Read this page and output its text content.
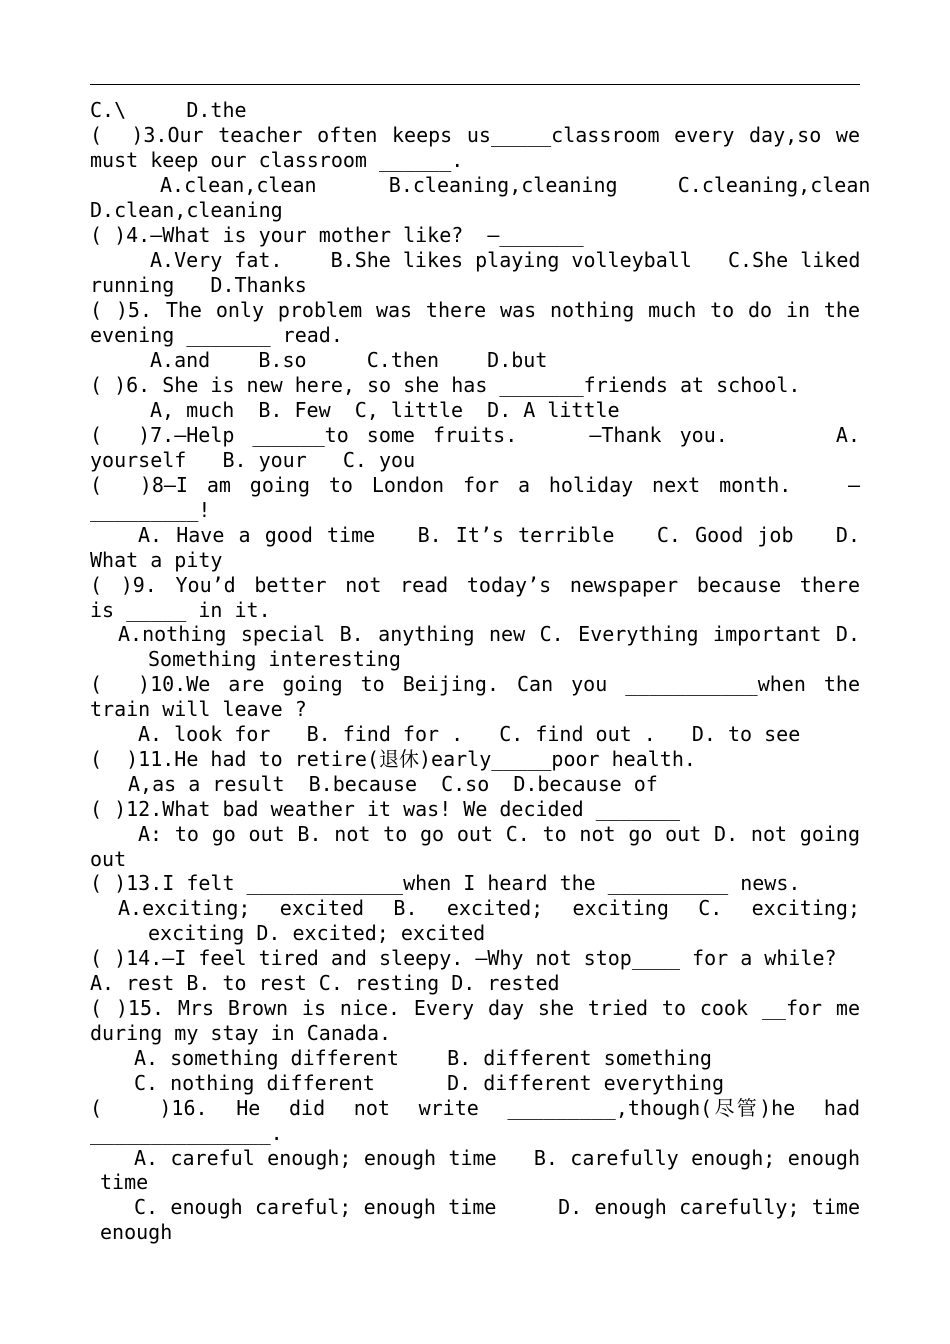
C.\     D.the
(  )3.Our teacher often keeps us_____classroom every day,so we
must keep our classroom ______.
A.clean,clean      B.cleaning,cleaning     C.cleaning,clean
D.clean,cleaning
( )4.—What is your mother like?  —_______
A.Very fat.    B.She likes playing volleyball   C.She liked
running   D.Thanks
( )5. The only problem was there was nothing much to do in the
evening _______ read.
A.and    B.so     C.then    D.but
( )6. She is new here, so she has _______friends at school.
A, much  B. Few  C, little  D. A little
(  )7.—Help ______to some fruits.    —Thank you.      A.
yourself   B. your   C. you
(  )8—I am going to London for a holiday next month.   —
_________!
A. Have a good time   B. It’s terrible   C. Good job   D.
What a pity
( )9. You’d better not read today’s newspaper because there
is _____ in it.
A.nothing special B. anything new C. Everything important D.
Something interesting
(  )10.We are going to Beijing. Can you ___________when the
train will leave ?
A. look for   B. find for .   C. find out .   D. to see
(  )11.He had to retire(退休)early_____poor health.
A,as a result  B.because  C.so  D.because of
( )12.What bad weather it was! We decided _______
A: to go out B. not to go out C. to not go out D. not going
out
( )13.I felt _____________when I heard the __________ news.
A.exciting;  excited  B.  excited;  exciting  C.  exciting;
exciting D. excited; excited
( )14.—I feel tired and sleepy. —Why not stop____ for a while?
A. rest B. to rest C. resting D. rested
( )15. Mrs Brown is nice. Every day she tried to cook __for me
during my stay in Canada.
A. something different    B. different something
C. nothing different      D. different everything
(    )16.  He  did  not  write  _________,though(尽管)he  had
_______________.
A. careful enough; enough time   B. carefully enough; enough
time
C. enough careful; enough time     D. enough carefully; time
enough
